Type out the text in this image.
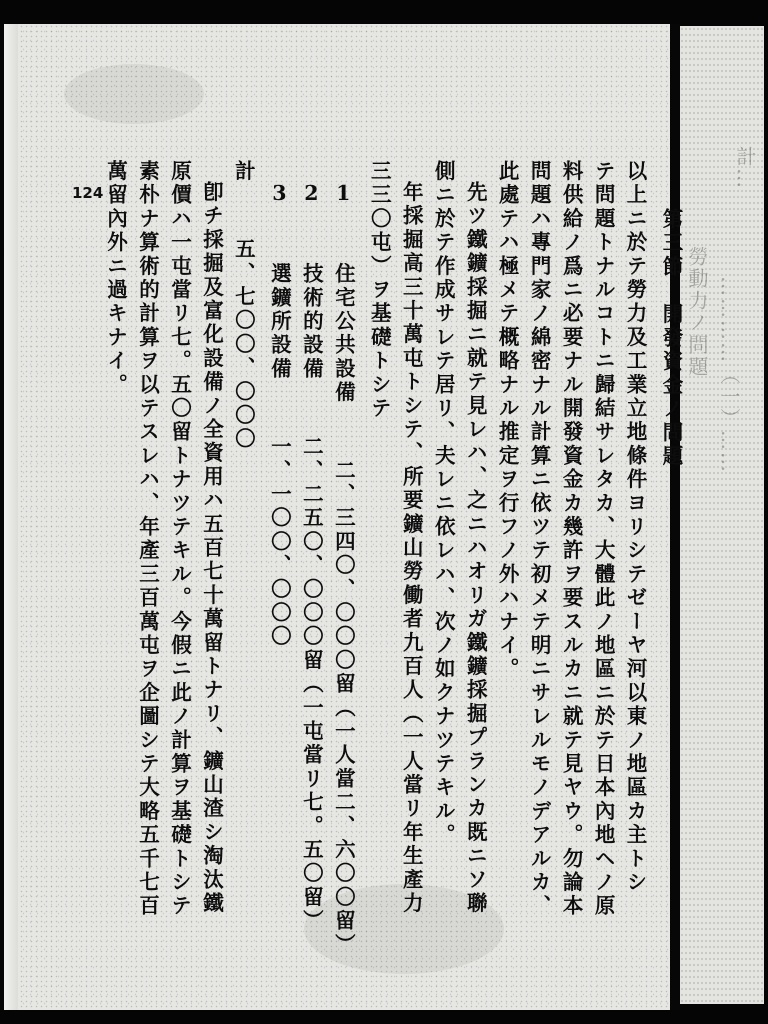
勞動力ノ問題 …………（一）……
計…
124
第三節　開發資金ノ問題
以上ニ於テ勞力及工業立地條件ヨリシテゼーヤ河以東ノ地區カ主トシ
テ問題トナルコトニ歸結サレタカ、大體此ノ地區ニ於テ日本內地ヘノ原
料供給ノ爲ニ必要ナル開發資金カ幾許ヲ要スルカニ就テ見ヤウ。勿論本
問題ハ專門家ノ綿密ナル計算ニ依ツテ初メテ明ニサレルモノデアルカ、
此處テハ極メテ概略ナル推定ヲ行フノ外ハナイ。
先ツ鐵鑛採掘ニ就テ見レハ、之ニハオリガ鐵鑛採掘プランカ既ニソ聯
側ニ於テ作成サレテ居リ、夫レニ依レハ、次ノ如クナツテキル。
年採掘高三十萬屯トシテ、所要鑛山勞働者九百人（一人當リ年生產力
三三〇屯）ヲ基礎トシテ
1  住宅公共設備  二、三四〇、〇〇〇留（一人當二、六〇〇留）
2  技術的設備  二、二五〇、〇〇〇留（一屯當リ七。五〇留）
3  選鑛所設備  一、一〇〇、〇〇〇
計  五、七〇〇、〇〇〇
卽チ採掘及富化設備ノ全資用ハ五百七十萬留トナリ、鑛山渣シ淘汰鐵
原價ハ一屯當リ七。五〇留トナツテキル。今假ニ此ノ計算ヲ基礎トシテ
素朴ナ算術的計算ヲ以テスレハ、年產三百萬屯ヲ企圖シテ大略五千七百
萬留內外ニ過キナイ。
